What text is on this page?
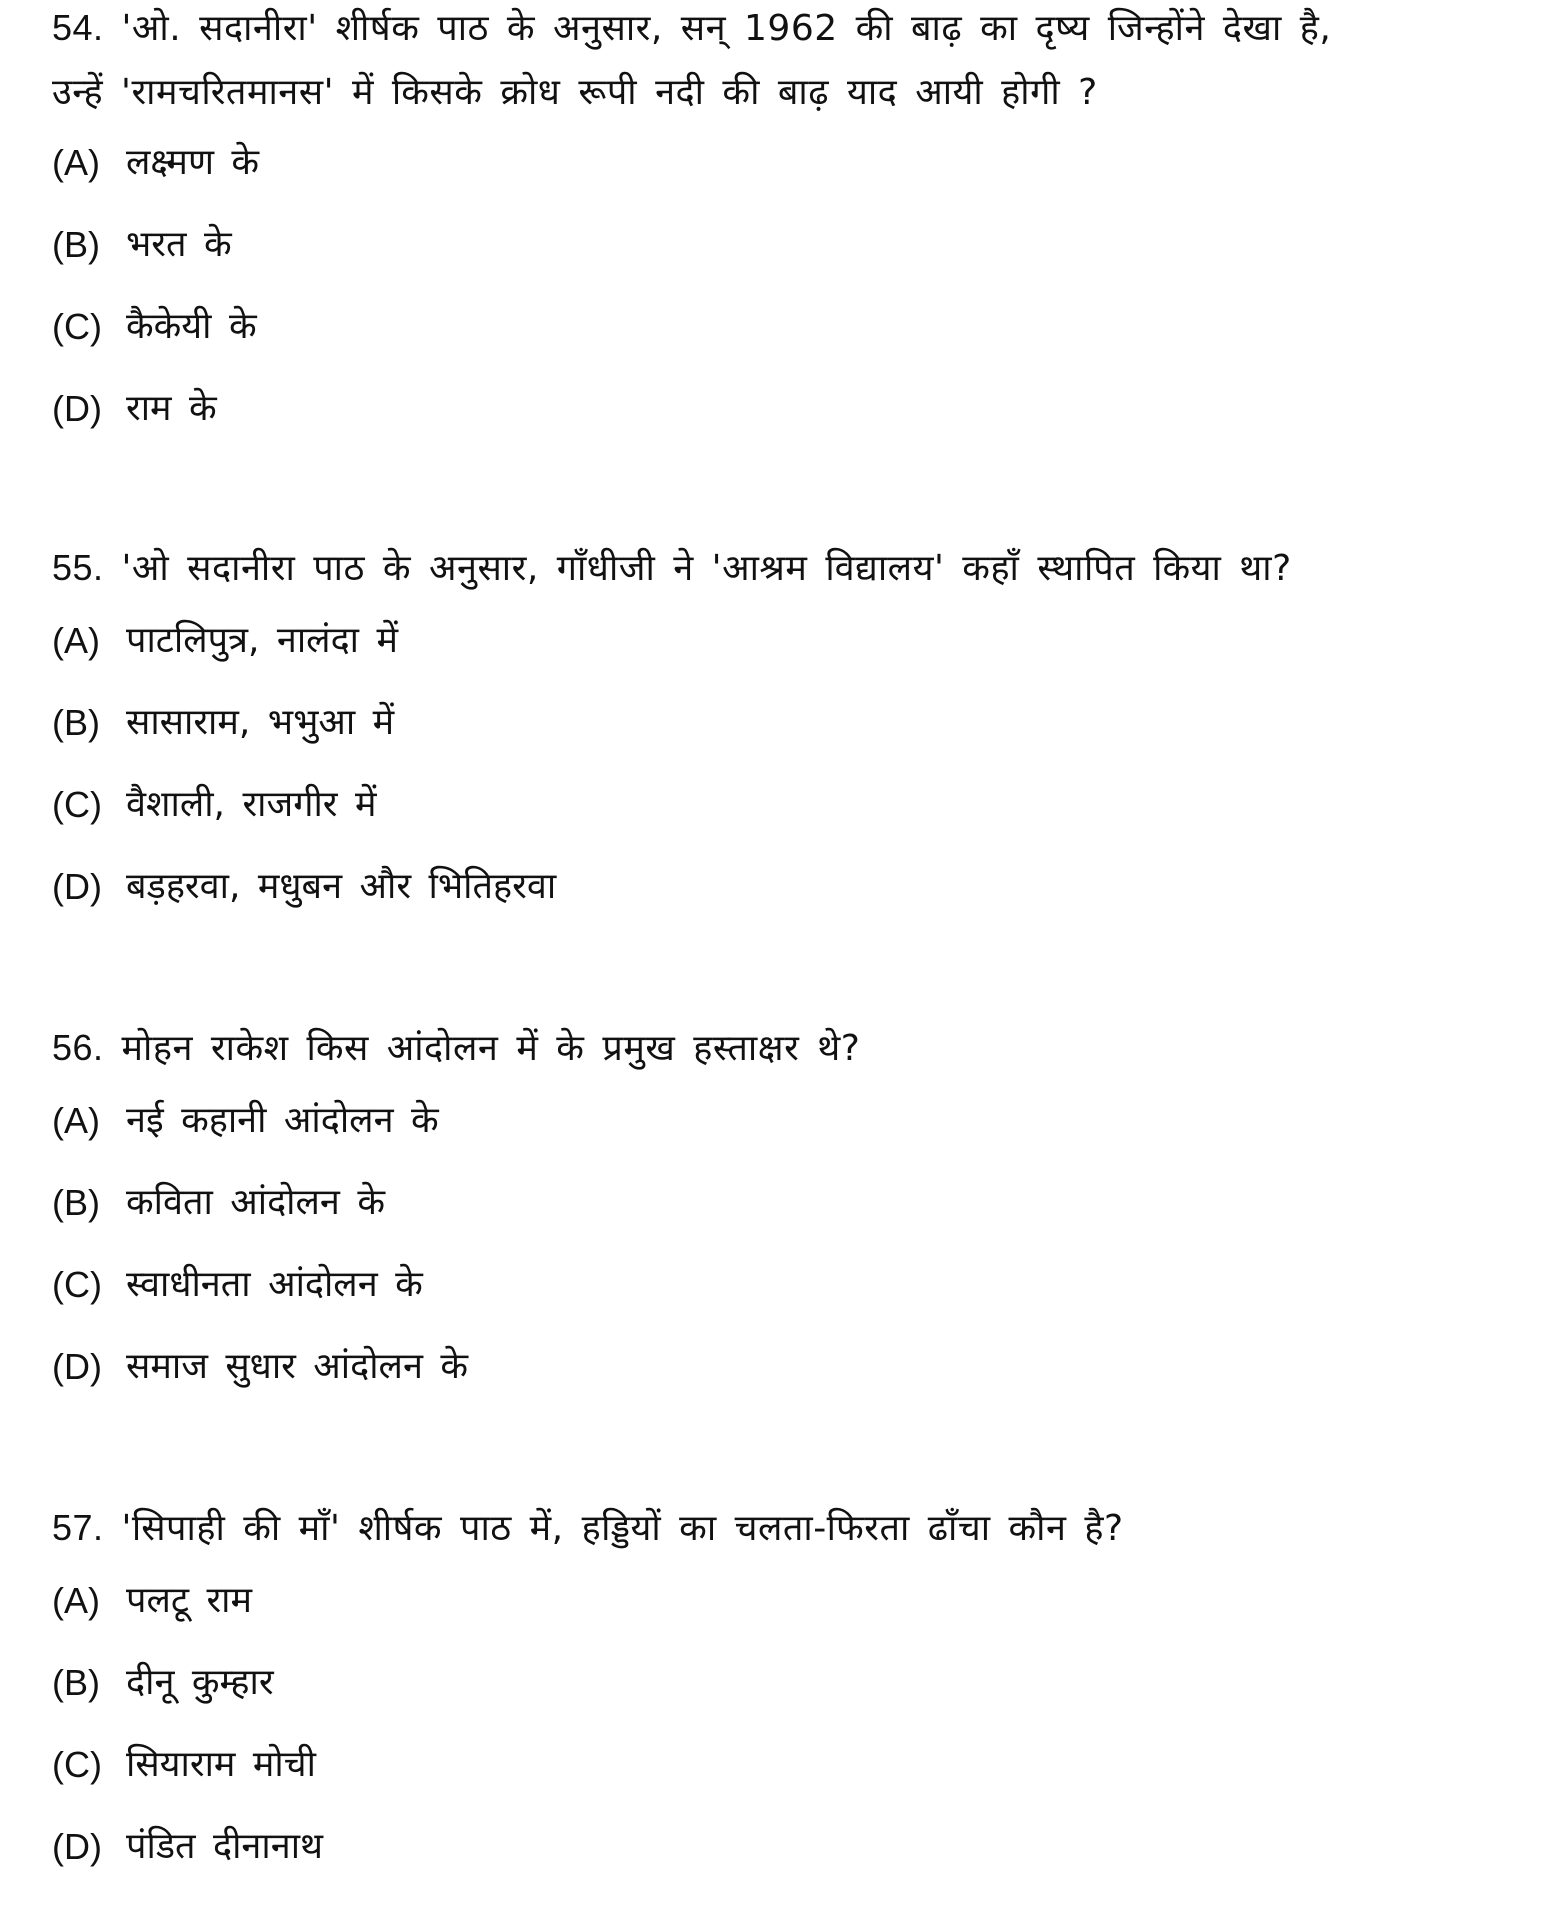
54. 'ओ. सदानीरा' शीर्षक पाठ के अनुसार, सन् 1962 की बाढ़ का दृष्य जिन्होंने देखा है,
उन्हें 'रामचरितमानस' में किसके क्रोध रूपी नदी की बाढ़ याद आयी होगी ?

(A) लक्ष्मण के
(B) भरत के
(C) कैकेयी के
(D) राम के

55. 'ओ सदानीरा पाठ के अनुसार, गाँधीजी ने 'आश्रम विद्यालय' कहाँ स्थापित किया था?

(A) पाटलिपुत्र, नालंदा में
(B) सासाराम, भभुआ में
(C) वैशाली, राजगीर में
(D) बड़हरवा, मधुबन और भितिहरवा

56. मोहन राकेश किस आंदोलन में के प्रमुख हस्ताक्षर थे?

(A) नई कहानी आंदोलन के
(B) कविता आंदोलन के
(C) स्वाधीनता आंदोलन के
(D) समाज सुधार आंदोलन के

57. 'सिपाही की माँ' शीर्षक पाठ में, हड्डियों का चलता-फिरता ढाँचा कौन है?

(A) पलटू राम
(B) दीनू कुम्हार
(C) सियाराम मोची
(D) पंडित दीनानाथ
